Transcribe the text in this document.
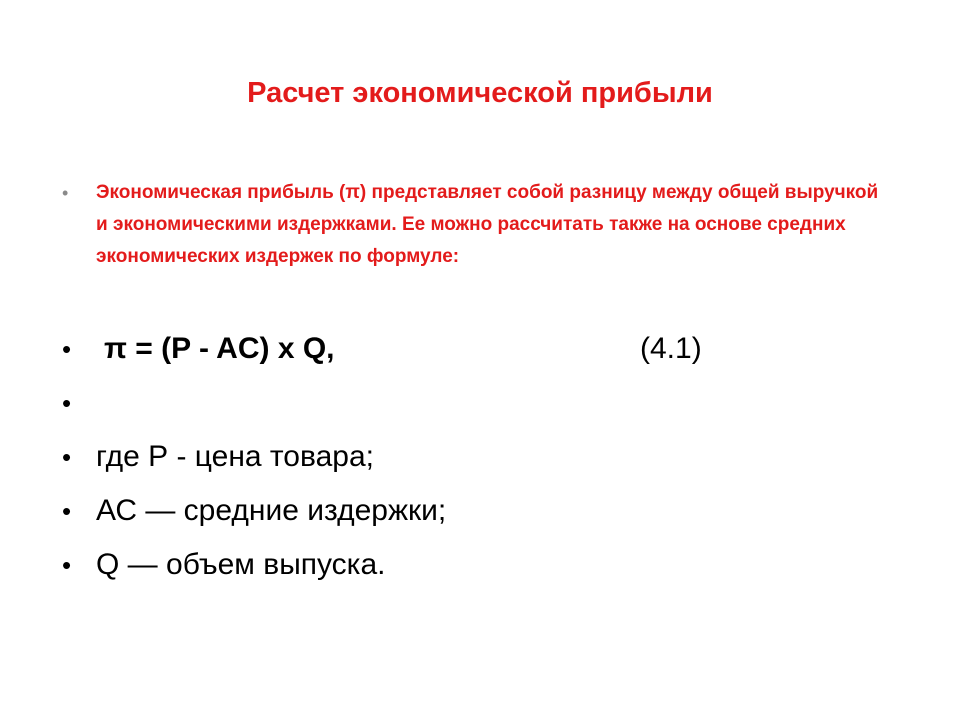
Расчет экономической прибыли
• Экономическая прибыль (π) представляет собой разницу между общей выручкой и экономическими издержками. Ее можно рассчитать также на основе средних экономических издержек по формуле:
• π = (P - AC) x Q,	(4.1)
•
• где Р - цена товара;
• АС — средние издержки;
• Q — объем выпуска.
